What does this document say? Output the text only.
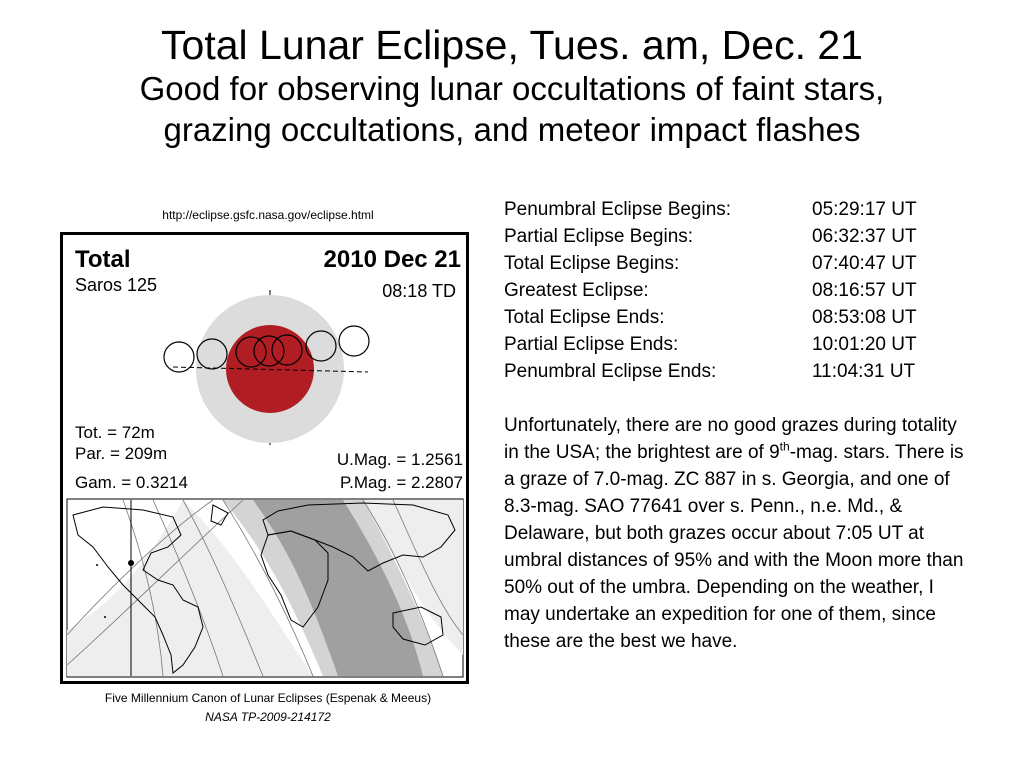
Total Lunar Eclipse, Tues. am, Dec. 21
Good for observing lunar occultations of faint stars,
grazing occultations, and meteor impact flashes
http://eclipse.gsfc.nasa.gov/eclipse.html
Total	2010 Dec 21
Saros 125	08:18 TD
Tot. = 72m
Par. = 209m
Gam. = 0.3214
U.Mag. = 1.2561
P.Mag. = 2.2807
Five Millennium Canon of Lunar Eclipses (Espenak & Meeus)
NASA TP-2009-214172
Penumbral Eclipse Begins:	05:29:17 UT
Partial Eclipse Begins:	06:32:37 UT
Total Eclipse Begins:	07:40:47 UT
Greatest Eclipse:	08:16:57 UT
Total Eclipse Ends:	08:53:08 UT
Partial Eclipse Ends:	10:01:20 UT
Penumbral Eclipse Ends:	11:04:31 UT
Unfortunately, there are no good grazes during totality in the USA; the brightest are of 9th-mag. stars. There is a graze of 7.0-mag. ZC 887 in s. Georgia, and one of 8.3-mag. SAO 77641 over s. Penn., n.e. Md., & Delaware, but both grazes occur about 7:05 UT at umbral distances of 95% and with the Moon more than 50% out of the umbra. Depending on the weather, I may undertake an expedition for one of them, since these are the best we have.
